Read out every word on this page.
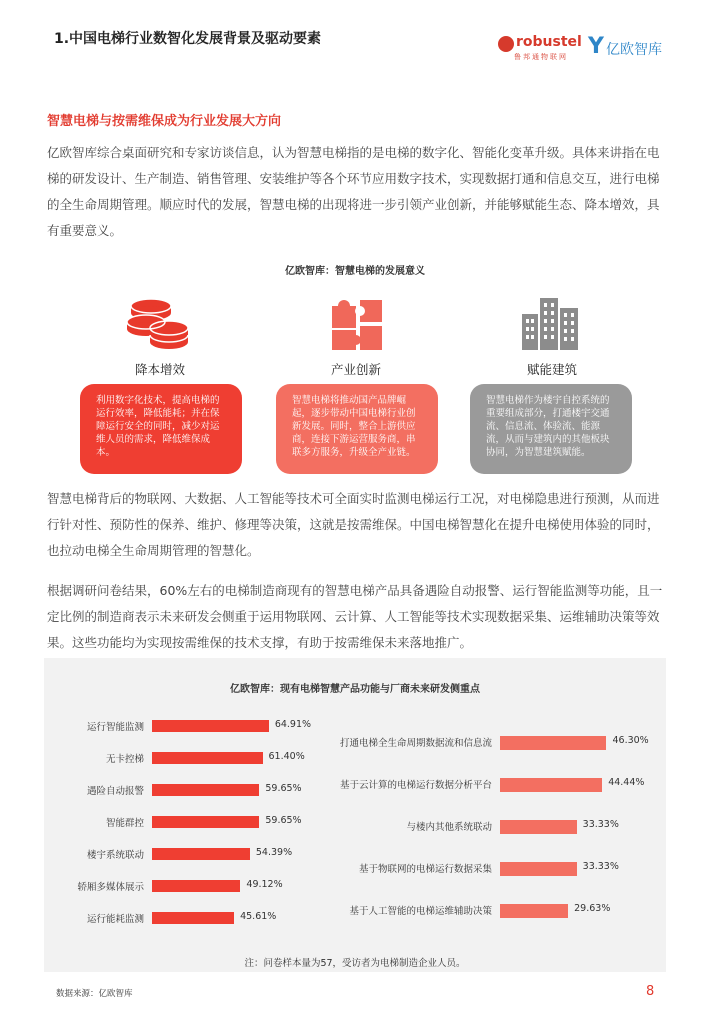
1.中国电梯行业数智化发展背景及驱动要素	robustel
鲁邦通物联网 Y 亿欧智库
智慧电梯与按需维保成为行业发展大方向
亿欧智库综合桌面研究和专家访谈信息，认为智慧电梯指的是电梯的数字化、智能化变革升级。具体来讲指在电梯的研发设计、生产制造、销售管理、安装维护等各个环节应用数字技术，实现数据打通和信息交互，进行电梯的全生命周期管理。顺应时代的发展，智慧电梯的出现将进一步引领产业创新，并能够赋能生态、降本增效，具有重要意义。
亿欧智库：智慧电梯的发展意义
降本增效	产业创新	赋能建筑
利用数字化技术，提高电梯的运行效率，降低能耗；并在保障运行安全的同时，减少对运维人员的需求，降低维保成本。
智慧电梯将推动国产品牌崛起，逐步带动中国电梯行业创新发展。同时，整合上游供应商，连接下游运营服务商，串联多方服务，升级全产业链。
智慧电梯作为楼宇自控系统的重要组成部分，打通楼宇交通流、信息流、体验流、能源流，从而与建筑内的其他板块协同，为智慧建筑赋能。
智慧电梯背后的物联网、大数据、人工智能等技术可全面实时监测电梯运行工况，对电梯隐患进行预测，从而进行针对性、预防性的保养、维护、修理等决策，这就是按需维保。中国电梯智慧化在提升电梯使用体验的同时，也拉动电梯全生命周期管理的智慧化。
根据调研问卷结果，60%左右的电梯制造商现有的智慧电梯产品具备遇险自动报警、运行智能监测等功能，且一定比例的制造商表示未来研发会侧重于运用物联网、云计算、人工智能等技术实现数据采集、运维辅助决策等效果。这些功能均为实现按需维保的技术支撑，有助于按需维保未来落地推广。
亿欧智库：现有电梯智慧产品功能与厂商未来研发侧重点
运行智能监测	64.91%
无卡控梯	61.40%
遇险自动报警	59.65%
智能群控	59.65%
楼宇系统联动	54.39%
轿厢多媒体展示	49.12%
运行能耗监测	45.61%
打通电梯全生命周期数据流和信息流	46.30%
基于云计算的电梯运行数据分析平台	44.44%
与楼内其他系统联动	33.33%
基于物联网的电梯运行数据采集	33.33%
基于人工智能的电梯运维辅助决策	29.63%
注：问卷样本量为57，受访者为电梯制造企业人员。
数据来源：亿欧智库	8
